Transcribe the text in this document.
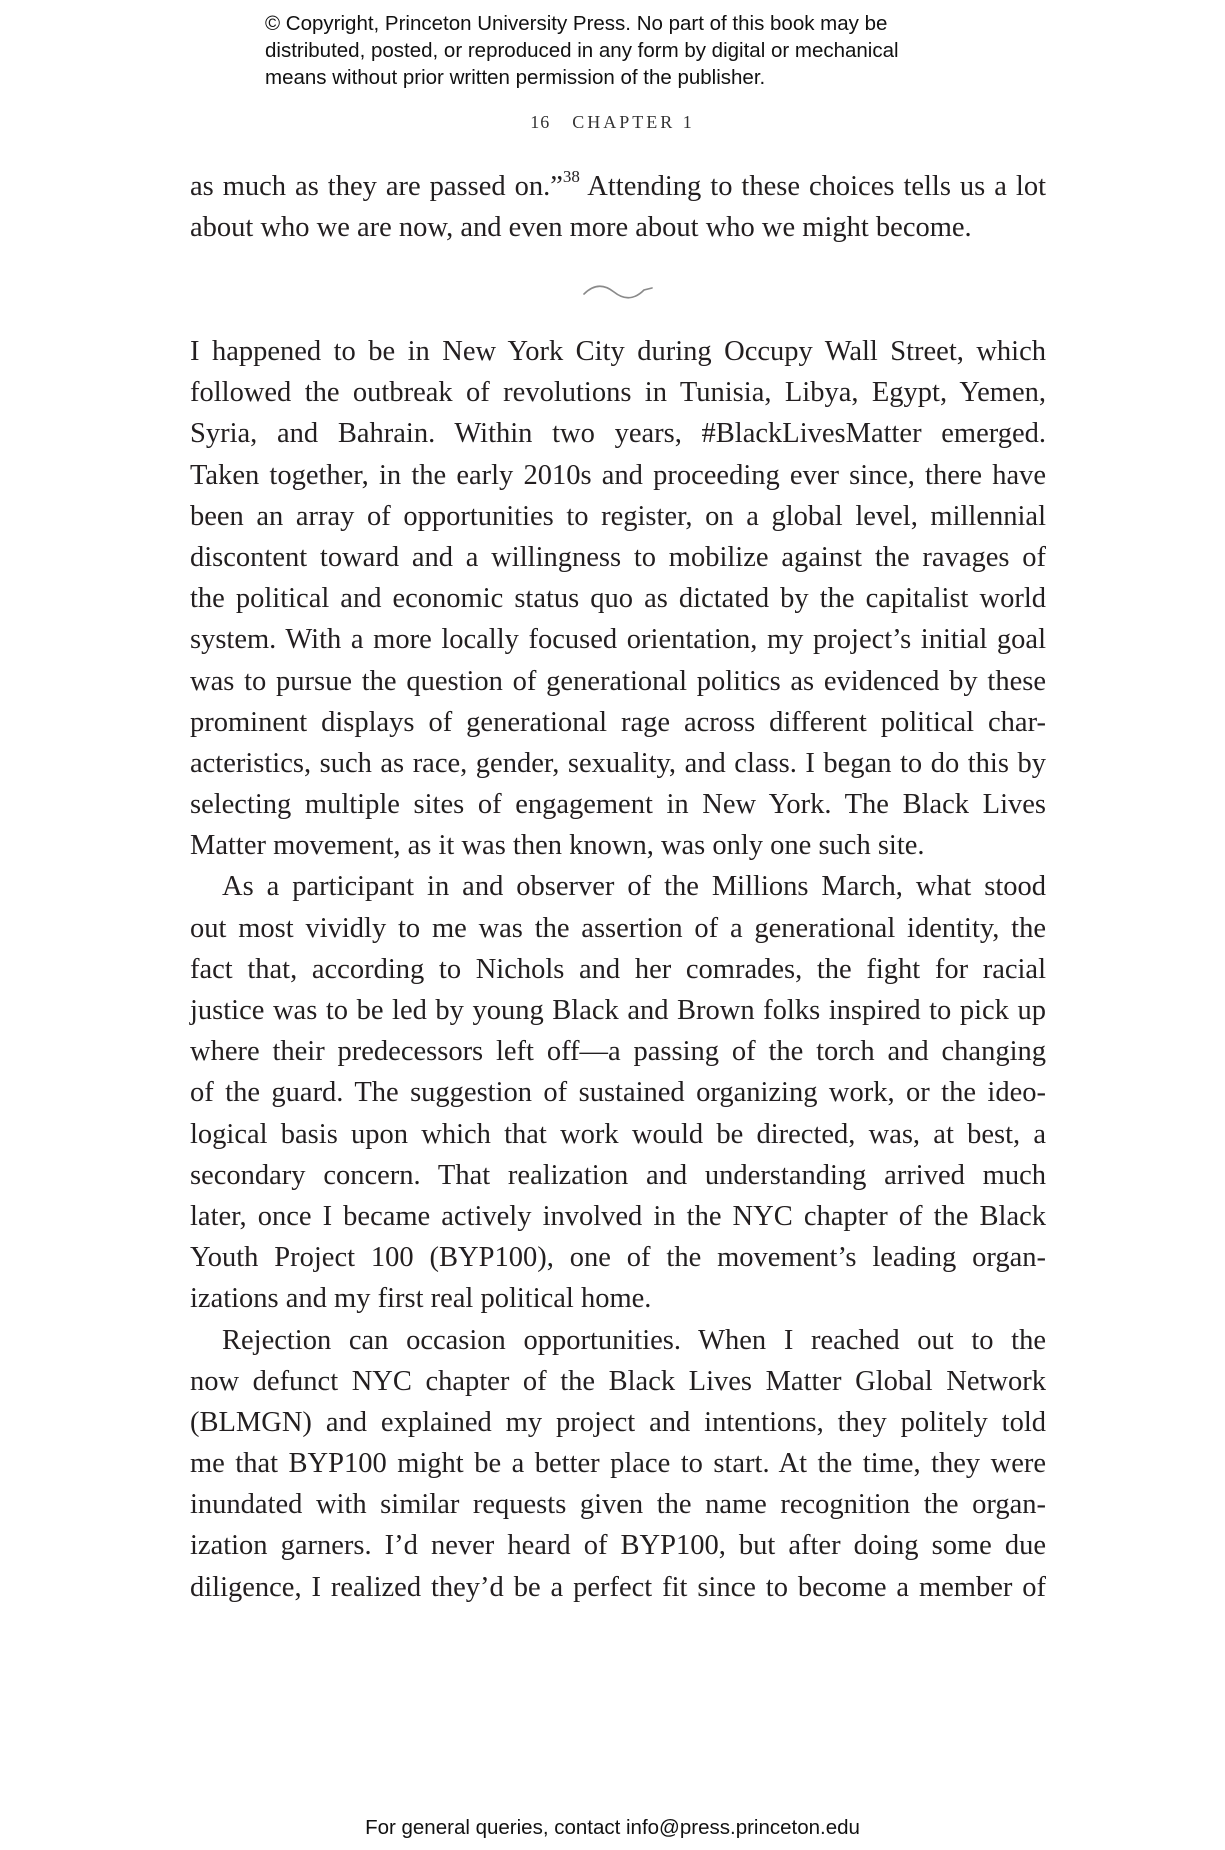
© Copyright, Princeton University Press. No part of this book may be
distributed, posted, or reproduced in any form by digital or mechanical
means without prior written permission of the publisher.
16 CHAPTER 1
as much as they are passed on.”$^{38}$ Attending to these choices tells us a lot
about who we are now, and even more about who we might become.
I happened to be in New York City during Occupy Wall Street, which
followed the outbreak of revolutions in Tunisia, Libya, Egypt, Yemen,
Syria, and Bahrain. Within two years, #BlackLivesMatter emerged.
Taken together, in the early 2010s and proceeding ever since, there have
been an array of opportunities to register, on a global level, millennial
discontent toward and a willingness to mobilize against the ravages of
the political and economic status quo as dictated by the capitalist world
system. With a more locally focused orientation, my project’s initial goal
was to pursue the question of generational politics as evidenced by these
prominent displays of generational rage across different political char-
acteristics, such as race, gender, sexuality, and class. I began to do this by
selecting multiple sites of engagement in New York. The Black Lives
Matter movement, as it was then known, was only one such site.
As a participant in and observer of the Millions March, what stood
out most vividly to me was the assertion of a generational identity, the
fact that, according to Nichols and her comrades, the fight for racial
justice was to be led by young Black and Brown folks inspired to pick up
where their predecessors left off—a passing of the torch and changing
of the guard. The suggestion of sustained organizing work, or the ideo-
logical basis upon which that work would be directed, was, at best, a
secondary concern. That realization and understanding arrived much
later, once I became actively involved in the NYC chapter of the Black
Youth Project 100 (BYP100), one of the movement’s leading organ-
izations and my first real political home.
Rejection can occasion opportunities. When I reached out to the
now defunct NYC chapter of the Black Lives Matter Global Network
(BLMGN) and explained my project and intentions, they politely told
me that BYP100 might be a better place to start. At the time, they were
inundated with similar requests given the name recognition the organ-
ization garners. I’d never heard of BYP100, but after doing some due
diligence, I realized they’d be a perfect fit since to become a member of
For general queries, contact info@press.princeton.edu
